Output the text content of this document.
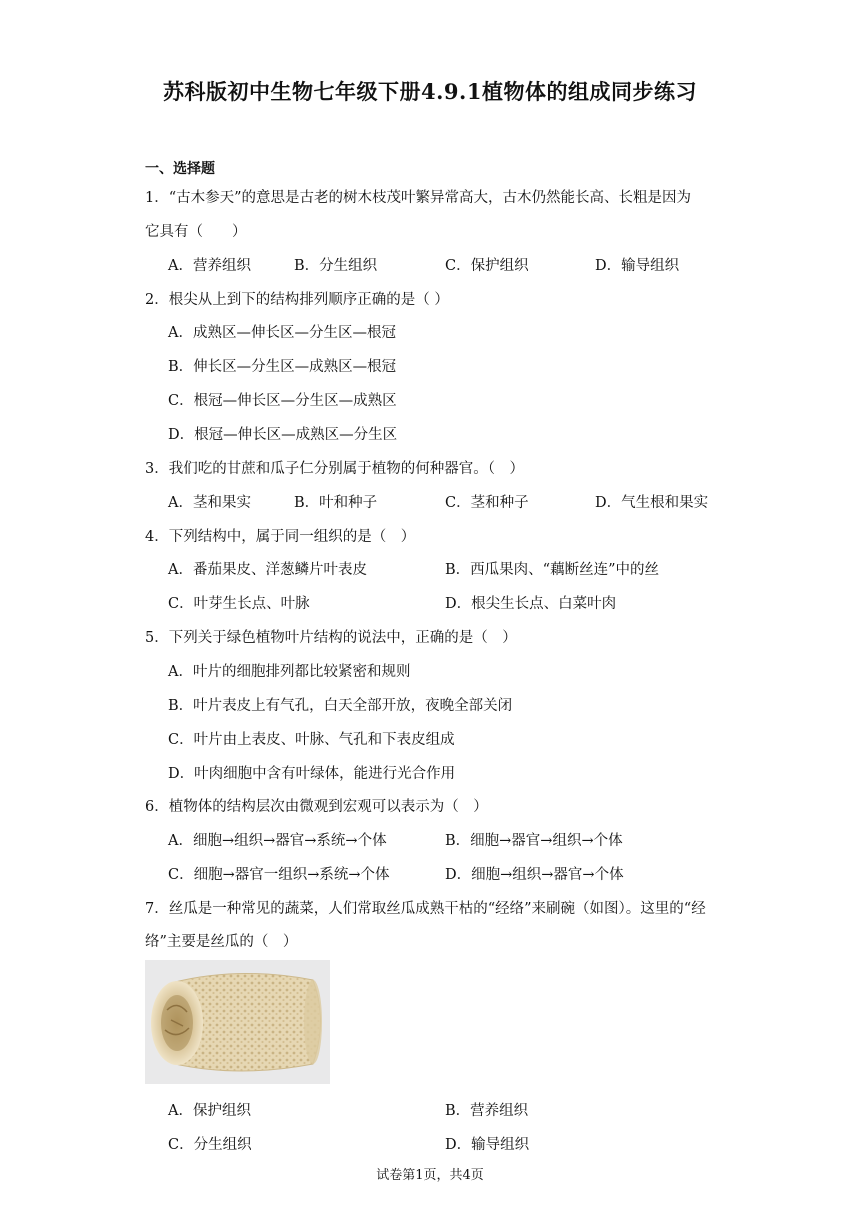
苏科版初中生物七年级下册4.9.1植物体的组成同步练习
一、选择题
1．“古木参天”的意思是古老的树木枝茂叶繁异常高大，古木仍然能长高、长粗是因为
它具有（　　）
A．营养组织	B．分生组织	C．保护组织	D．输导组织
2．根尖从上到下的结构排列顺序正确的是（ ）
A．成熟区—伸长区—分生区—根冠
B．伸长区—分生区—成熟区—根冠
C．根冠—伸长区—分生区—成熟区
D．根冠—伸长区—成熟区—分生区
3．我们吃的甘蔗和瓜子仁分别属于植物的何种器官。（　）
A．茎和果实	B．叶和种子	C．茎和种子	D．气生根和果实
4．下列结构中，属于同一组织的是（　）
A．番茄果皮、洋葱鳞片叶表皮	B．西瓜果肉、“藕断丝连”中的丝
C．叶芽生长点、叶脉	D．根尖生长点、白菜叶肉
5．下列关于绿色植物叶片结构的说法中，正确的是（　）
A．叶片的细胞排列都比较紧密和规则
B．叶片表皮上有气孔，白天全部开放，夜晚全部关闭
C．叶片由上表皮、叶脉、气孔和下表皮组成
D．叶肉细胞中含有叶绿体，能进行光合作用
6．植物体的结构层次由微观到宏观可以表示为（　）
A．细胞→组织→器官→系统→个体	B．细胞→器官→组织→个体
C．细胞→器官一组织→系统→个体	D．细胞→组织→器官→个体
7．丝瓜是一种常见的蔬菜，人们常取丝瓜成熟干枯的“经络”来刷碗（如图）。这里的“经
络”主要是丝瓜的（　）
A．保护组织	B．营养组织
C．分生组织	D．输导组织
试卷第1页，共4页
